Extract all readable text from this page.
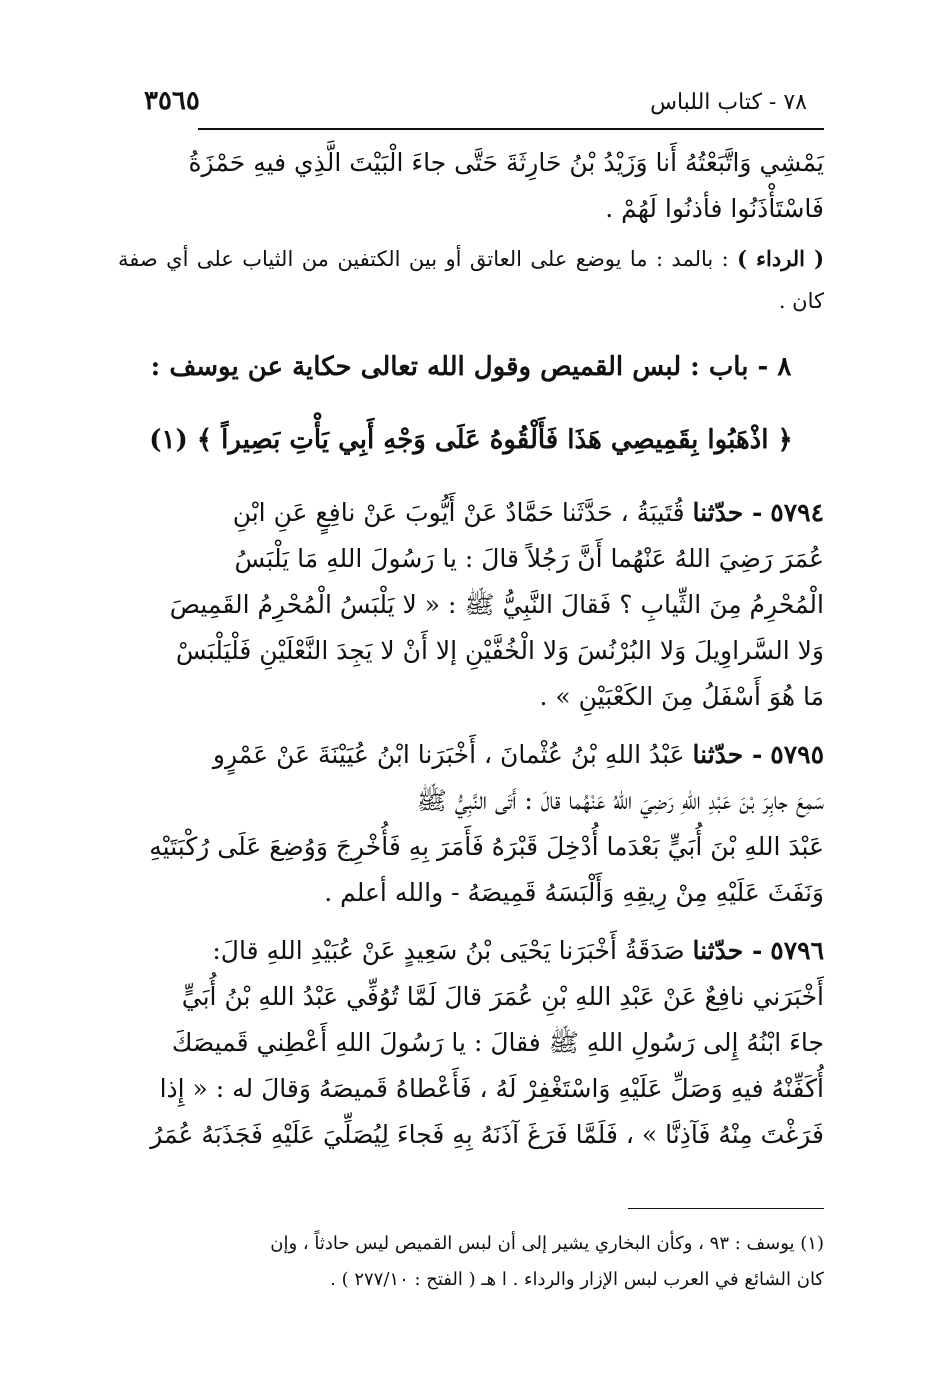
٣٥٦٥	٧٨ - كتاب اللباس

يَمْشِي وَاتَّبَعْتُهُ أَنا وَزَيْدُ بْنُ حَارِثَةَ حَتَّى جاءَ الْبَيْتَ الَّذِي فيهِ حَمْزَةُ

فَاسْتَأْذَنُوا فأذنُوا لَهُمْ .

( الرداء ) : بالمد : ما يوضع على العاتق أو بين الكتفين من الثياب على أي صفة كان .

٨ - باب : لبس القميص وقول الله تعالى حكاية عن يوسف :

﴿ اذْهَبُوا بِقَمِيصِي هَذَا فَأَلْقُوهُ عَلَى وَجْهِ أَبِي يَأْتِ بَصِيراً ﴾ (١)

٥٧٩٤ - حدّثنا قُتَيبَةُ ، حَدَّثَنا حَمَّادٌ عَنْ أَيُّوبَ عَنْ نافِعٍ عَنِ ابْنِ

عُمَرَ رَضِيَ اللهُ عَنْهُما أَنَّ رَجُلاً قالَ : يا رَسُولَ اللهِ مَا يَلْبَسُ

الْمُحْرِمُ مِنَ الثِّيابِ ؟ فَقالَ النَّبِيُّ ﷺ : « لا يَلْبَسُ الْمُحْرِمُ القَمِيصَ

وَلا السَّراوِيلَ وَلا البُرْنُسَ وَلا الْخُفَّيْنِ إلا أَنْ لا يَجِدَ النَّعْلَيْنِ فَلْيَلْبَسْ

مَا هُوَ أَسْفَلُ مِنَ الكَعْبَيْنِ » .

٥٧٩٥ - حدّثنا عَبْدُ اللهِ بْنُ عُثْمانَ ، أَخْبَرَنا ابْنُ عُيَيْنَةَ عَنْ عَمْرٍو

سَمِعَ جابِرَ بْنَ عَبْدِ اللهِ رَضِيَ اللهُ عَنْهُما قالَ : أَتَى النَّبِيُّ ﷺ

عَبْدَ اللهِ بْنَ أُبَيٍّ بَعْدَما أُدْخِلَ قَبْرَهُ فَأَمَرَ بِهِ فَأُخْرِجَ وَوُضِعَ عَلَى رُكْبَتَيْهِ

وَنَفَثَ عَلَيْهِ مِنْ رِيقِهِ وَأَلْبَسَهُ قَمِيصَهُ - والله أعلم .

٥٧٩٦ - حدّثنا صَدَقَةُ أَخْبَرَنا يَحْيَى بْنُ سَعِيدٍ عَنْ عُبَيْدِ اللهِ قالَ:

أَخْبَرَني نافِعٌ عَنْ عَبْدِ اللهِ بْنِ عُمَرَ قالَ لَمَّا تُوُفِّي عَبْدُ اللهِ بْنُ أُبَيٍّ

جاءَ ابْنُهُ إِلى رَسُولِ اللهِ ﷺ فقالَ : يا رَسُولَ اللهِ أَعْطِني قَميصَكَ

أُكَفِّنْهُ فيهِ وَصَلِّ عَلَيْهِ وَاسْتَغْفِرْ لَهُ ، فَأَعْطاهُ قَميصَهُ وَقالَ له : « إِذا

فَرَغْتَ مِنْهُ فَآذِنَّا » ، فَلَمَّا فَرَغَ آذَنَهُ بِهِ فَجاءَ لِيُصَلِّيَ عَلَيْهِ فَجَذَبَهُ عُمَرُ

(١) يوسف : ٩٣ ، وكأن البخاري يشير إلى أن لبس القميص ليس حادثاً ، وإن
كان الشائع في العرب لبس الإزار والرداء . ا هـ ( الفتح : ٢٧٧/١٠ ) .
